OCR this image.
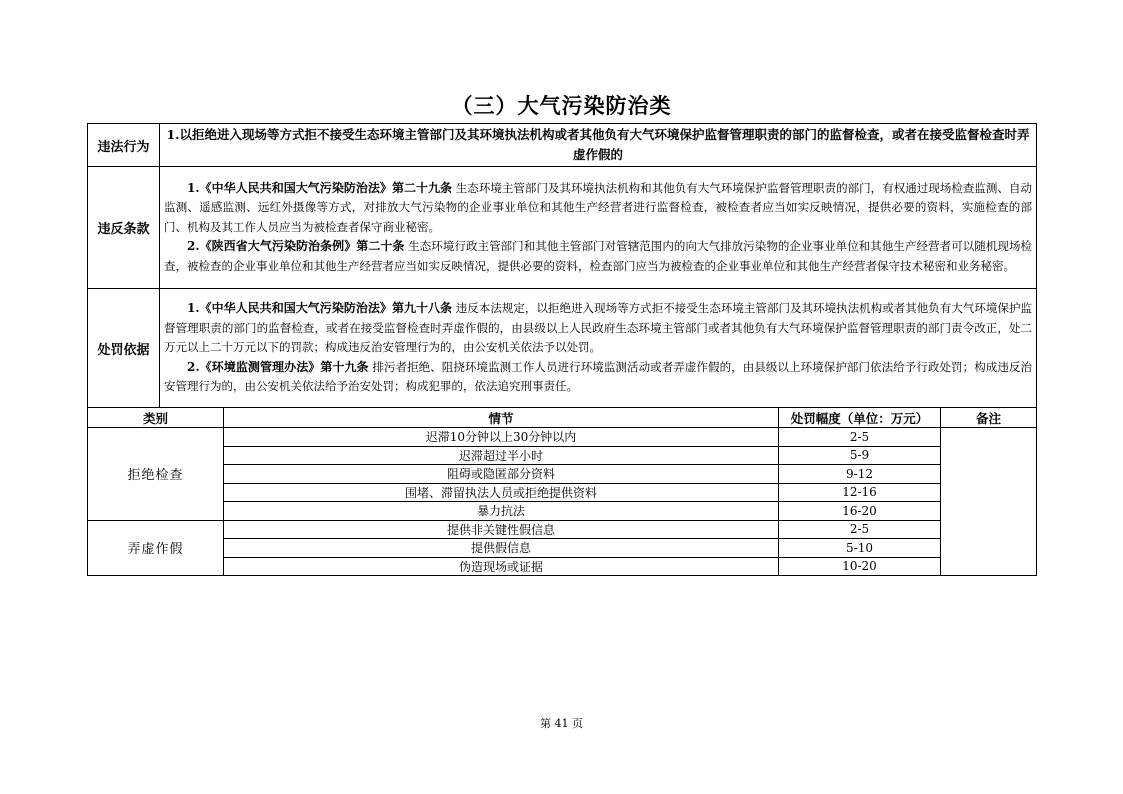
（三）大气污染防治类
违法行为	1.以拒绝进入现场等方式拒不接受生态环境主管部门及其环境执法机构或者其他负有大气环境保护监督管理职责的部门的监督检查，或者在接受监督检查时弄虚作假的
违反条款	1.《中华人民共和国大气污染防治法》第二十九条 生态环境主管部门及其环境执法机构和其他负有大气环境保护监督管理职责的部门，有权通过现场检查监测、自动监测、遥感监测、远红外摄像等方式，对排放大气污染物的企业事业单位和其他生产经营者进行监督检查，被检查者应当如实反映情况，提供必要的资料，实施检查的部门、机构及其工作人员应当为被检查者保守商业秘密。

2.《陕西省大气污染防治条例》第二十条 生态环境行政主管部门和其他主管部门对管辖范围内的向大气排放污染物的企业事业单位和其他生产经营者可以随机现场检查，被检查的企业事业单位和其他生产经营者应当如实反映情况，提供必要的资料，检查部门应当为被检查的企业事业单位和其他生产经营者保守技术秘密和业务秘密。

处罚依据	1.《中华人民共和国大气污染防治法》第九十八条 违反本法规定，以拒绝进入现场等方式拒不接受生态环境主管部门及其环境执法机构或者其他负有大气环境保护监督管理职责的部门的监督检查，或者在接受监督检查时弄虚作假的，由县级以上人民政府生态环境主管部门或者其他负有大气环境保护监督管理职责的部门责令改正，处二万元以上二十万元以下的罚款；构成违反治安管理行为的，由公安机关依法予以处罚。

2.《环境监测管理办法》第十九条 排污者拒绝、阻挠环境监测工作人员进行环境监测活动或者弄虚作假的，由县级以上环境保护部门依法给予行政处罚；构成违反治安管理行为的，由公安机关依法给予治安处罚；构成犯罪的，依法追究刑事责任。

类别	情节	处罚幅度（单位：万元）	备注
拒绝检查	迟滞10分钟以上30分钟以内	2-5	
	迟滞超过半小时	5-9	
	阻碍或隐匿部分资料	9-12	
	围堵、滞留执法人员或拒绝提供资料	12-16	
	暴力抗法	16-20	
弄虚作假	提供非关键性假信息	2-5	
	提供假信息	5-10	
	伪造现场或证据	10-20	
第 41 页
